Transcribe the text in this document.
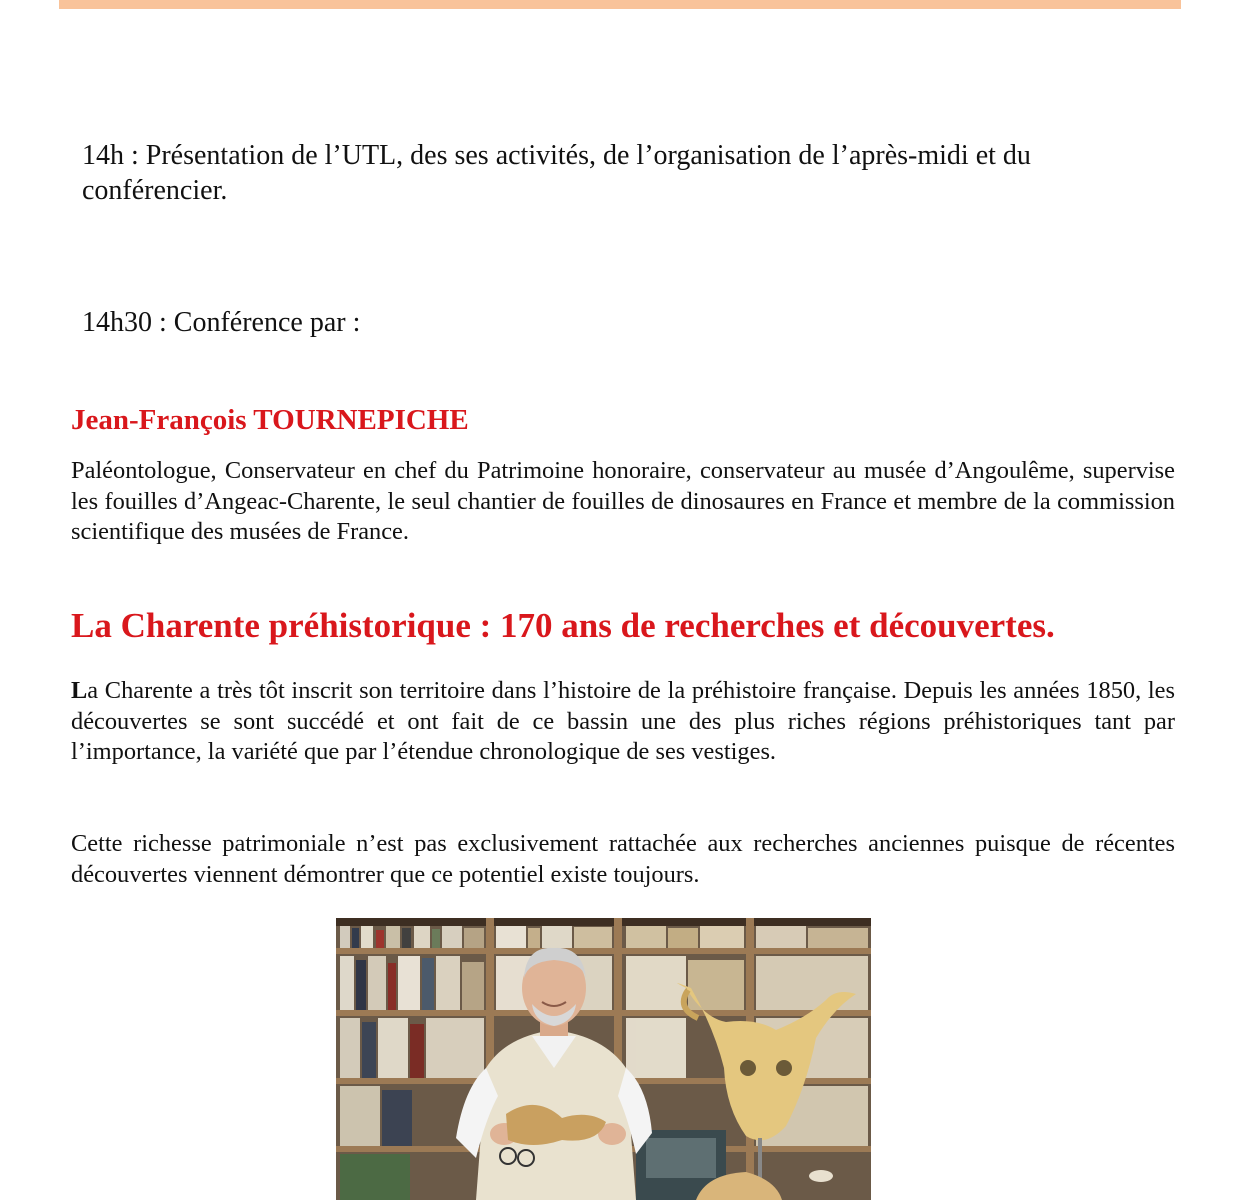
14h : Présentation de l’UTL, des ses activités, de l’organisation de l’après-midi et du conférencier.

14h30 : Conférence par :

Jean-François TOURNEPICHE

Paléontologue, Conservateur en chef du Patrimoine honoraire, conservateur au musée d’Angoulême, supervise les fouilles d’Angeac-Charente, le seul chantier de fouilles de dinosaures en France et membre de la commission scientifique des musées de France.

La Charente préhistorique : 170 ans de recherches et découvertes.

La Charente a très tôt inscrit son territoire dans l’histoire de la préhistoire française. Depuis les années 1850, les découvertes se sont succédé et ont fait de ce bassin une des plus riches régions préhistoriques tant par l’importance, la variété que par l’étendue chronologique de ses vestiges.

Cette richesse patrimoniale n’est pas exclusivement rattachée aux recherches anciennes puisque de récentes découvertes viennent démontrer que ce potentiel existe toujours.
